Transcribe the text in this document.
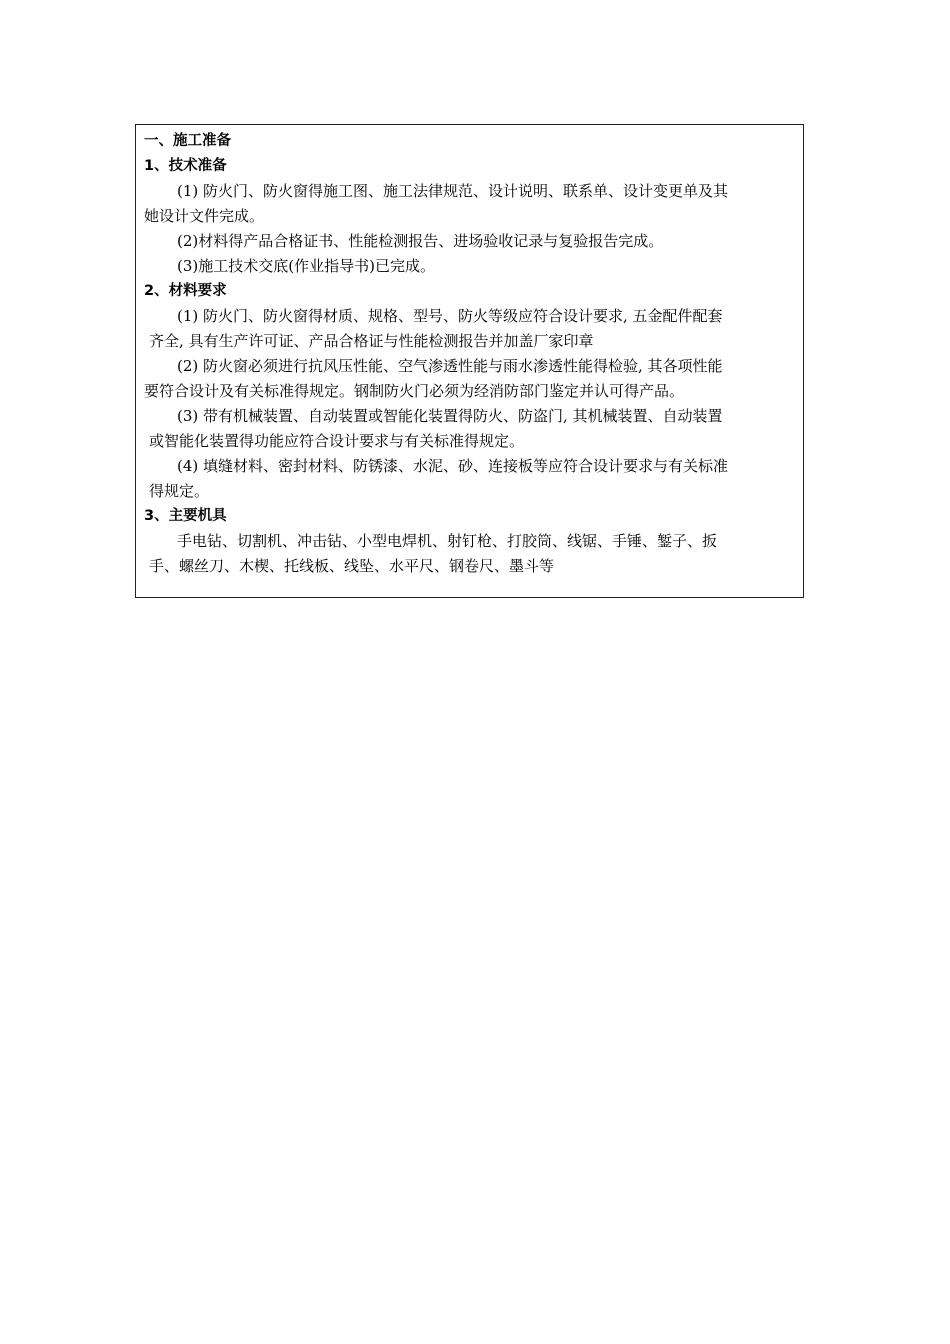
一、施工准备
1、技术准备
(1) 防火门、防火窗得施工图、施工法律规范、设计说明、联系单、设计变更单及其
她设计文件完成。
(2)材料得产品合格证书、性能检测报告、进场验收记录与复验报告完成。
(3)施工技术交底(作业指导书)已完成。
2、材料要求
(1) 防火门、防火窗得材质、规格、型号、防火等级应符合设计要求, 五金配件配套
齐全, 具有生产许可证、产品合格证与性能检测报告并加盖厂家印章
(2) 防火窗必须进行抗风压性能、空气渗透性能与雨水渗透性能得检验, 其各项性能
要符合设计及有关标准得规定。钢制防火门必须为经消防部门鉴定并认可得产品。
(3) 带有机械装置、自动装置或智能化装置得防火、防盗门, 其机械装置、自动装置
或智能化装置得功能应符合设计要求与有关标准得规定。
(4) 填缝材料、密封材料、防锈漆、水泥、砂、连接板等应符合设计要求与有关标准
得规定。
3、主要机具
手电钻、切割机、冲击钻、小型电焊机、射钉枪、打胶筒、线锯、手锤、錾子、扳
手、螺丝刀、木楔、托线板、线坠、水平尺、钢卷尺、墨斗等
